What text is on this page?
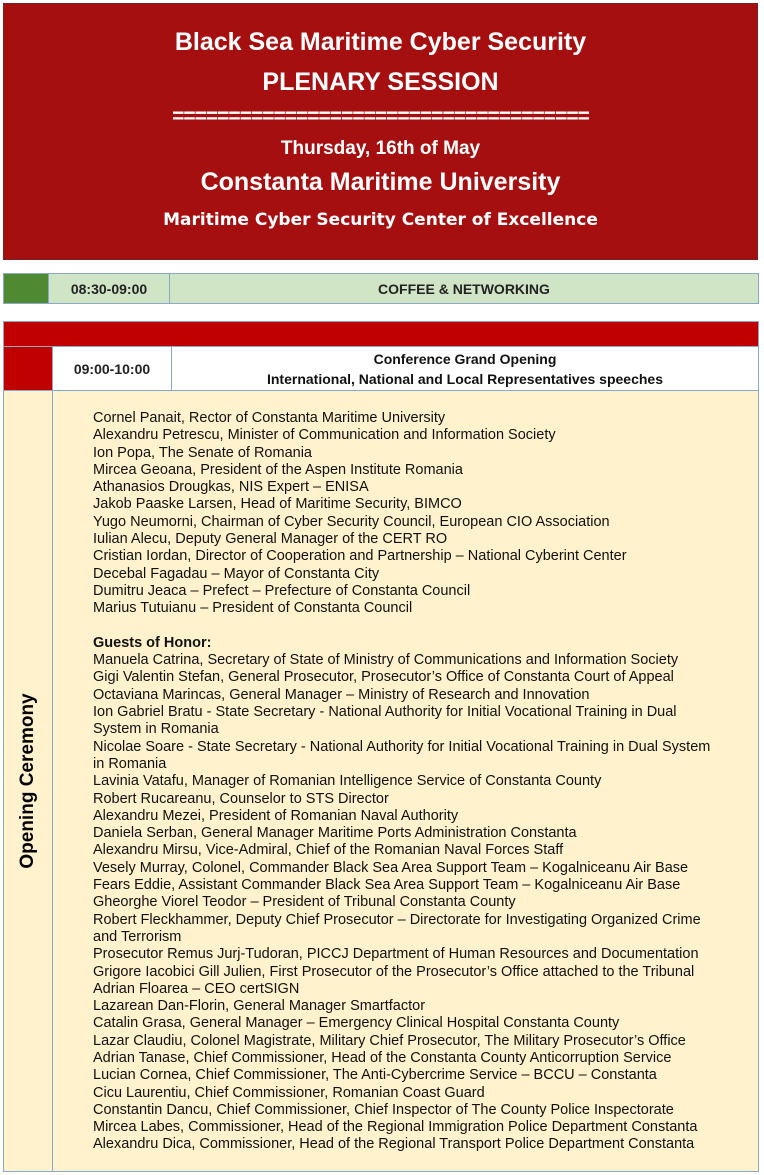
Black Sea Maritime Cyber Security
PLENARY SESSION
=====================================
Thursday, 16th of May
Constanta Maritime University
Maritime Cyber Security Center of Excellence
08:30-09:00	COFFEE & NETWORKING
09:00-10:00
Conference Grand Opening
International, National and Local Representatives speeches
Opening Ceremony
Cornel Panait, Rector of Constanta Maritime University
Alexandru Petrescu, Minister of Communication and Information Society
Ion Popa, The Senate of Romania
Mircea Geoana, President of the Aspen Institute Romania
Athanasios Drougkas, NIS Expert – ENISA
Jakob Paaske Larsen, Head of Maritime Security, BIMCO
Yugo Neumorni, Chairman of Cyber Security Council, European CIO Association
Iulian Alecu, Deputy General Manager of the CERT RO
Cristian Iordan, Director of Cooperation and Partnership – National Cyberint Center
Decebal Fagadau – Mayor of Constanta City
Dumitru Jeaca – Prefect – Prefecture of Constanta Council
Marius Tutuianu – President of Constanta Council
Guests of Honor:
Manuela Catrina, Secretary of State of Ministry of Communications and Information Society
Gigi Valentin Stefan, General Prosecutor, Prosecutor’s Office of Constanta Court of Appeal
Octaviana Marincas, General Manager – Ministry of Research and Innovation
Ion Gabriel Bratu - State Secretary - National Authority for Initial Vocational Training in Dual
System in Romania
Nicolae Soare - State Secretary - National Authority for Initial Vocational Training in Dual System
in Romania
Lavinia Vatafu, Manager of Romanian Intelligence Service of Constanta County
Robert Rucareanu, Counselor to STS Director
Alexandru Mezei, President of Romanian Naval Authority
Daniela Serban, General Manager Maritime Ports Administration Constanta
Alexandru Mirsu, Vice-Admiral, Chief of the Romanian Naval Forces Staff
Vesely Murray, Colonel, Commander Black Sea Area Support Team – Kogalniceanu Air Base
Fears Eddie, Assistant Commander Black Sea Area Support Team – Kogalniceanu Air Base
Gheorghe Viorel Teodor – President of Tribunal Constanta County
Robert Fleckhammer, Deputy Chief Prosecutor – Directorate for Investigating Organized Crime
and Terrorism
Prosecutor Remus Jurj-Tudoran, PICCJ Department of Human Resources and Documentation
Grigore Iacobici Gill Julien, First Prosecutor of the Prosecutor’s Office attached to the Tribunal
Adrian Floarea – CEO certSIGN
Lazarean Dan-Florin, General Manager Smartfactor
Catalin Grasa, General Manager – Emergency Clinical Hospital Constanta County
Lazar Claudiu, Colonel Magistrate, Military Chief Prosecutor, The Military Prosecutor’s Office
Adrian Tanase, Chief Commissioner, Head of the Constanta County Anticorruption Service
Lucian Cornea, Chief Commissioner, The Anti-Cybercrime Service – BCCU – Constanta
Cicu Laurentiu, Chief Commissioner, Romanian Coast Guard
Constantin Dancu, Chief Commissioner, Chief Inspector of The County Police Inspectorate
Mircea Labes, Commissioner, Head of the Regional Immigration Police Department Constanta
Alexandru Dica, Commissioner, Head of the Regional Transport Police Department Constanta
